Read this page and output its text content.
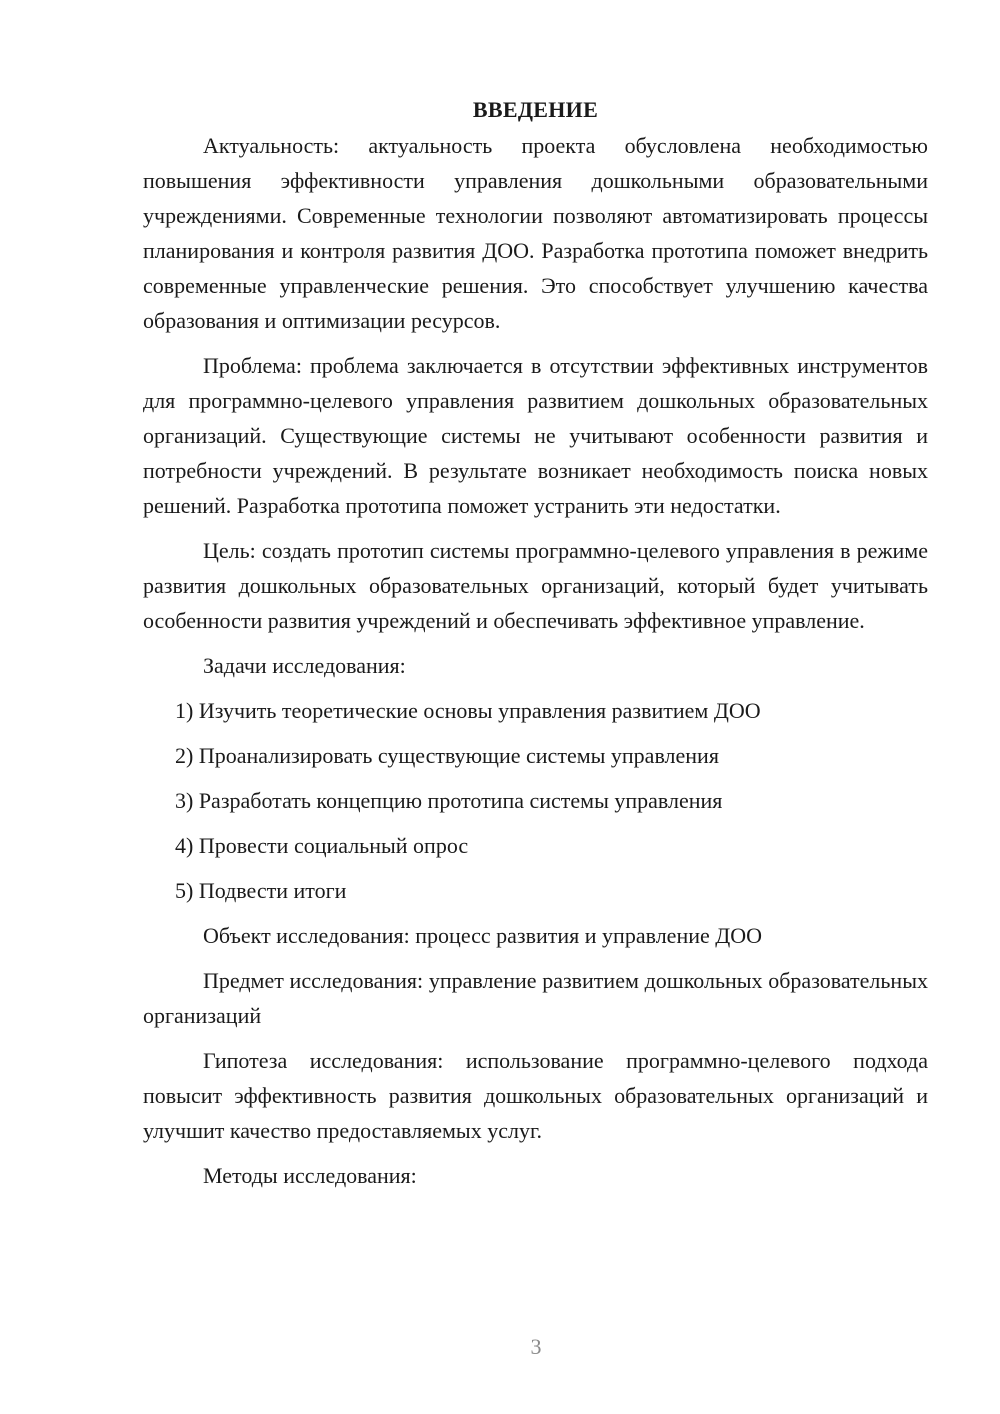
ВВЕДЕНИЕ

Актуальность: актуальность проекта обусловлена необходимостью повышения эффективности управления дошкольными образовательными учреждениями. Современные технологии позволяют автоматизировать процессы планирования и контроля развития ДОО. Разработка прототипа поможет внедрить современные управленческие решения. Это способствует улучшению качества образования и оптимизации ресурсов.

Проблема: проблема заключается в отсутствии эффективных инструментов для программно-целевого управления развитием дошкольных образовательных организаций. Существующие системы не учитывают особенности развития и потребности учреждений. В результате возникает необходимость поиска новых решений. Разработка прототипа поможет устранить эти недостатки.

Цель: создать прототип системы программно-целевого управления в режиме развития дошкольных образовательных организаций, который будет учитывать особенности развития учреждений и обеспечивать эффективное управление.

Задачи исследования:

1) Изучить теоретические основы управления развитием ДОО
2) Проанализировать существующие системы управления
3) Разработать концепцию прототипа системы управления
4) Провести социальный опрос
5) Подвести итоги

Объект исследования: процесс развития и управление ДОО

Предмет исследования: управление развитием дошкольных образовательных организаций

Гипотеза исследования: использование программно-целевого подхода повысит эффективность развития дошкольных образовательных организаций и улучшит качество предоставляемых услуг.

Методы исследования:

3
